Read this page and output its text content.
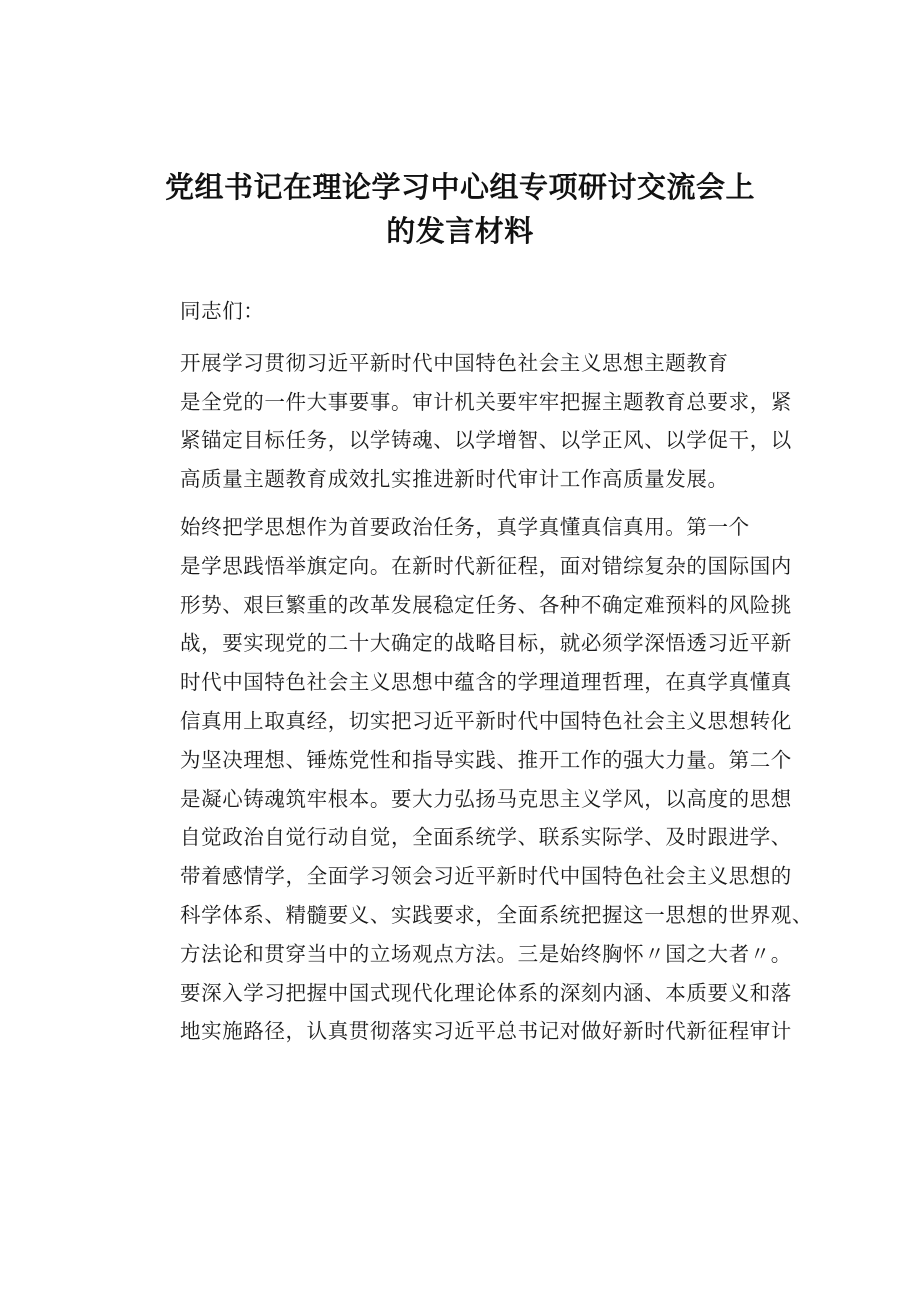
党组书记在理论学习中心组专项研讨交流会上
的发言材料

同志们：

开展学习贯彻习近平新时代中国特色社会主义思想主题教育
是全党的一件大事要事。审计机关要牢牢把握主题教育总要求，紧
紧锚定目标任务，以学铸魂、以学增智、以学正风、以学促干，以
高质量主题教育成效扎实推进新时代审计工作高质量发展。

始终把学思想作为首要政治任务，真学真懂真信真用。第一个
是学思践悟举旗定向。在新时代新征程，面对错综复杂的国际国内
形势、艰巨繁重的改革发展稳定任务、各种不确定难预料的风险挑
战，要实现党的二十大确定的战略目标，就必须学深悟透习近平新
时代中国特色社会主义思想中蕴含的学理道理哲理，在真学真懂真
信真用上取真经，切实把习近平新时代中国特色社会主义思想转化
为坚决理想、锤炼党性和指导实践、推开工作的强大力量。第二个
是凝心铸魂筑牢根本。要大力弘扬马克思主义学风，以高度的思想
自觉政治自觉行动自觉，全面系统学、联系实际学、及时跟进学、
带着感情学，全面学习领会习近平新时代中国特色社会主义思想的
科学体系、精髓要义、实践要求，全面系统把握这一思想的世界观、
方法论和贯穿当中的立场观点方法。三是始终胸怀〃国之大者〃。
要深入学习把握中国式现代化理论体系的深刻内涵、本质要义和落
地实施路径，认真贯彻落实习近平总书记对做好新时代新征程审计
